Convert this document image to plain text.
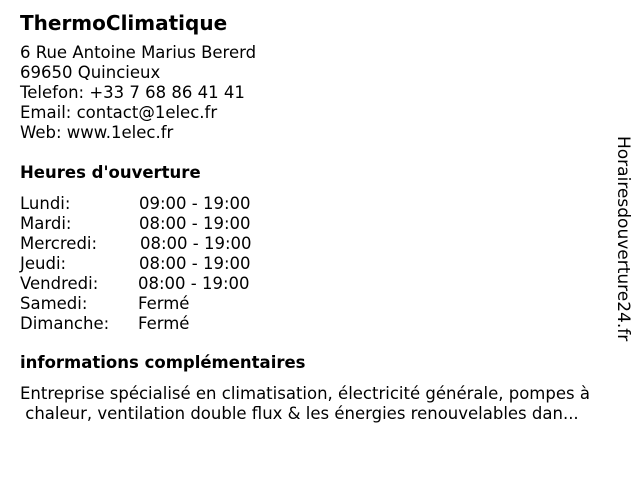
ThermoClimatique
6 Rue Antoine Marius Bererd
69650 Quincieux
Telefon: +33 7 68 86 41 41
Email: contact@1elec.fr
Web: www.1elec.fr
Heures d'ouverture
Lundi:	09:00 - 19:00
Mardi:	08:00 - 19:00
Mercredi:	08:00 - 19:00
Jeudi:	08:00 - 19:00
Vendredi: 08:00 - 19:00
Samedi:	Fermé
Dimanche: Fermé
informations complémentaires
Entreprise spécialisé en climatisation, électricité générale, pompes à
chaleur, ventilation double flux & les énergies renouvelables dan...
Horairesdouverture24.fr
